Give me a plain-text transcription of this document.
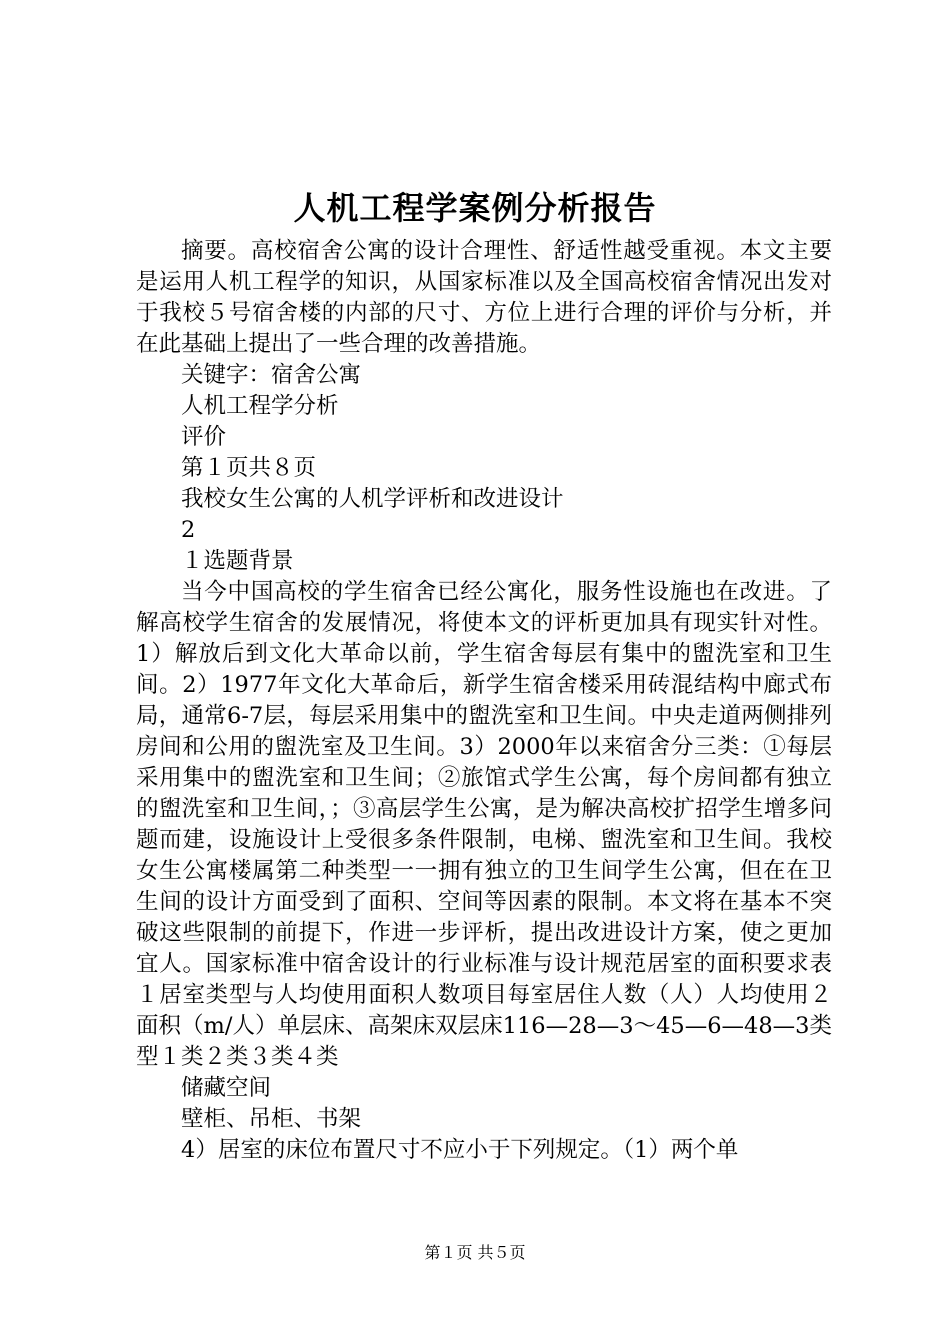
人机工程学案例分析报告

摘要。高校宿舍公寓的设计合理性、舒适性越受重视。本文主要是运用人机工程学的知识，从国家标准以及全国高校宿舍情况出发对于我校５号宿舍楼的内部的尺寸、方位上进行合理的评价与分析，并在此基础上提出了一些合理的改善措施。

关键字：宿舍公寓

人机工程学分析

评价

第１页共８页

我校女生公寓的人机学评析和改进设计

2

１选题背景

当今中国高校的学生宿舍已经公寓化，服务性设施也在改进。了解高校学生宿舍的发展情况，将使本文的评析更加具有现实针对性。1）解放后到文化大革命以前，学生宿舍每层有集中的盥洗室和卫生间。2）1977年文化大革命后，新学生宿舍楼采用砖混结构中廊式布局，通常6-7层，每层采用集中的盥洗室和卫生间。中央走道两侧排列房间和公用的盥洗室及卫生间。3）2000年以来宿舍分三类：①每层采用集中的盥洗室和卫生间；②旅馆式学生公寓，每个房间都有独立的盥洗室和卫生间，；③高层学生公寓，是为解决高校扩招学生增多问题而建，设施设计上受很多条件限制，电梯、盥洗室和卫生间。我校女生公寓楼属第二种类型一一拥有独立的卫生间学生公寓，但在在卫生间的设计方面受到了面积、空间等因素的限制。本文将在基本不突破这些限制的前提下，作进一步评析，提出改进设计方案，使之更加宜人。国家标准中宿舍设计的行业标准与设计规范居室的面积要求表１居室类型与人均使用面积人数项目每室居住人数（人）人均使用２面积（m/人）单层床、高架床双层床116—28—3～45—6—48—3类型１类２类３类４类

储藏空间

壁柜、吊柜、书架

4）居室的床位布置尺寸不应小于下列规定。（1）两个单

第１页 共５页
